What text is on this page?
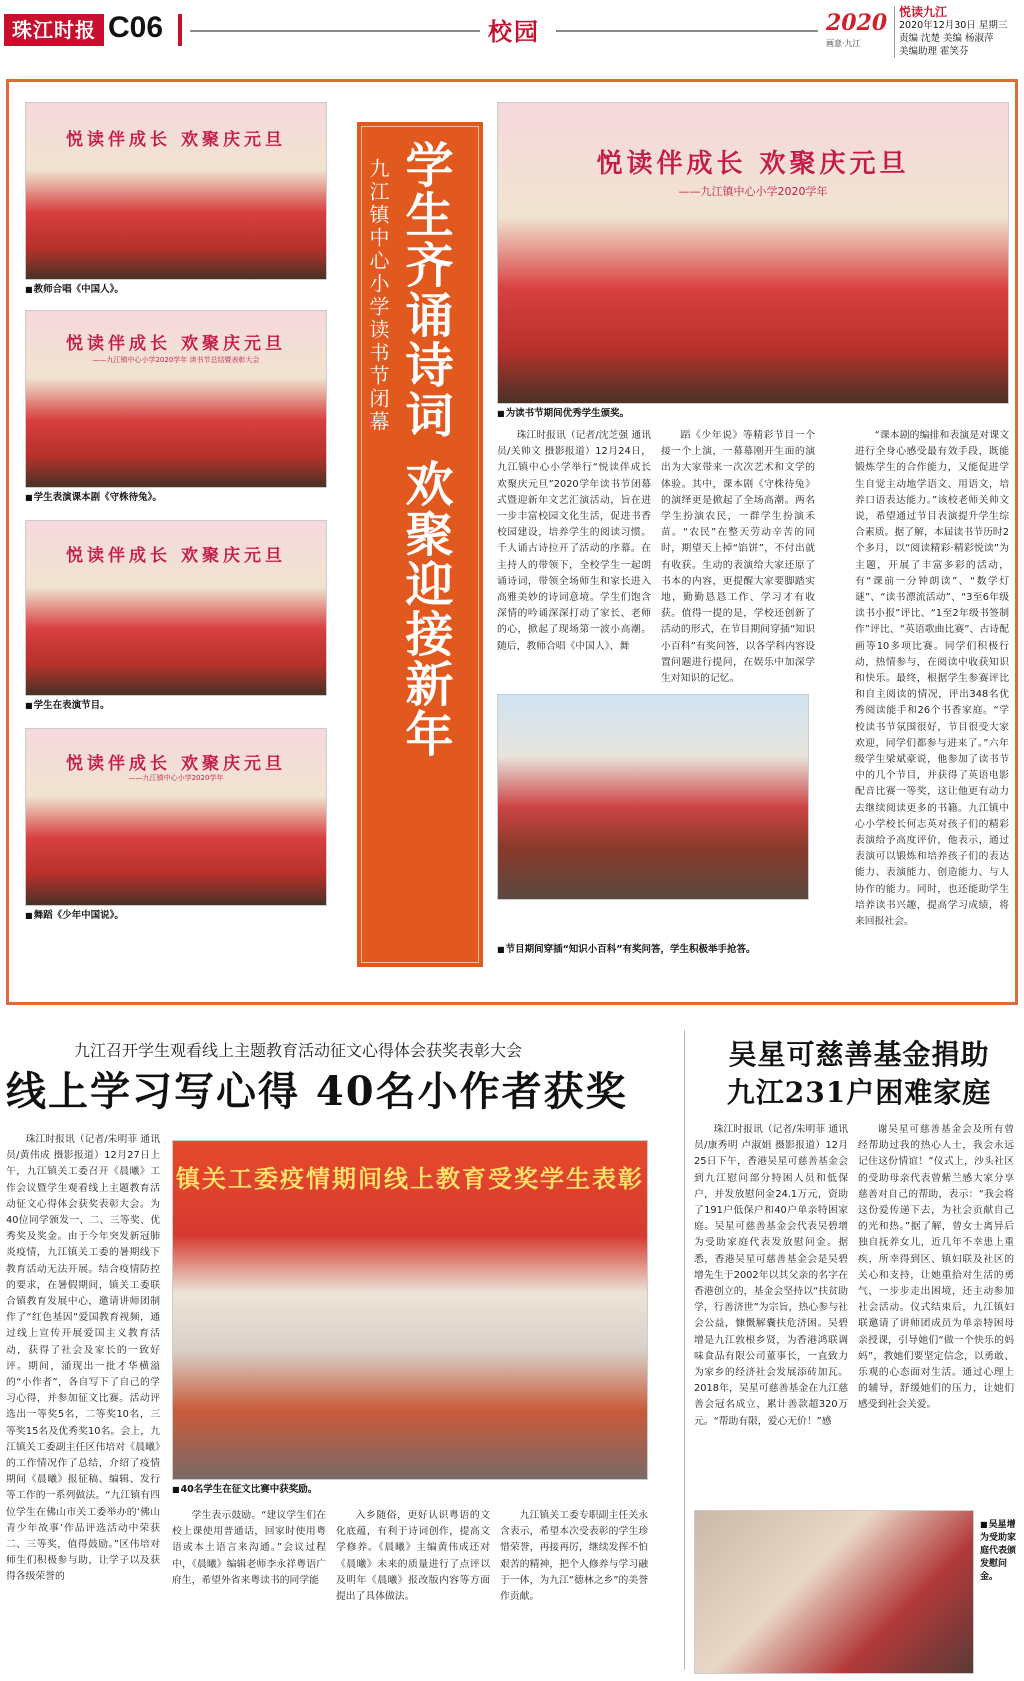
珠江时报 C06	校园	2020
画意·九江
悦读九江
2020年12月30日 星期三
责编 沈楚 美编 杨淑萍
美编助理 霍笑芬
悦读伴成长 欢聚庆元旦
■ 教师合唱《中国人》。
悦读伴成长 欢聚庆元旦
——九江镇中心小学2020学年 读书节总结暨表彰大会
■ 学生表演课本剧《守株待兔》。
悦读伴成长 欢聚庆元旦
■ 学生在表演节目。
悦读伴成长 欢聚庆元旦
——九江镇中心小学2020学年
■ 舞蹈《少年中国说》。
九江镇中心小学读书节闭幕 学生齐诵诗词 欢聚迎接新年	悦读伴成长 欢聚庆元旦
——九江镇中心小学2020学年
■ 为读书节期间优秀学生颁奖。
珠江时报讯（记者/沈芝强 通讯员/关帅文 摄影报道）12月24日，九江镇中心小学举行“悦读伴成长 欢聚庆元旦”2020学年读书节闭幕式暨迎新年文艺汇演活动，旨在进一步丰富校园文化生活，促进书香校园建设，培养学生的阅读习惯。千人诵古诗拉开了活动的序幕。在主持人的带领下，全校学生一起朗诵诗词，带领全场师生和家长进入高雅美妙的诗词意境。学生们饱含深情的吟诵深深打动了家长、老师的心，掀起了现场第一波小高潮。随后，教师合唱《中国人》、舞
蹈《少年说》等精彩节目一个接一个上演，一幕幕刚开生面的演出为大家带来一次次艺术和文学的体验。其中，课本剧《守株待兔》的演绎更是掀起了全场高潮。两名学生扮演农民，一群学生扮演禾苗。“农民”在整天劳动辛苦的同时，期望天上掉“馅饼”，不付出就有收获。生动的表演给大家还原了书本的内容，更提醒大家要脚踏实地，勤勤恳恳工作、学习才有收获。值得一提的是，学校还创新了活动的形式，在节目期间穿插“知识小百科”有奖问答，以各学科内容设置问题进行提问，在娱乐中加深学生对知识的记忆。
“课本剧的编排和表演是对课文进行全身心感受最有效手段，既能锻炼学生的合作能力，又能促进学生自觉主动地学语文、用语文，培养口语表达能力。”该校老师关帅文说，希望通过节目表演提升学生综合素质。据了解，本届读书节历时2个多月，以“阅读精彩·精彩悦读”为主题，开展了丰富多彩的活动，有“课前一分钟朗读”、“数学灯谜”、“读书漂流活动”、“3至6年级读书小报”评比、“1至2年级书签制作”评比、“英语歌曲比赛”、古诗配画等10多项比赛。同学们积极行动，热情参与，在阅读中收获知识和快乐。最终，根据学生参赛评比和自主阅读的情况，评出348名优秀阅读能手和26个书香家庭。“学校读书节氛围很好，节目很受大家欢迎，同学们都参与进来了。”六年级学生梁斌豪说，他参加了读书节中的几个节目，并获得了英语电影配音比赛一等奖，这让他更有动力去继续阅读更多的书籍。九江镇中心小学校长何志英对孩子们的精彩表演给予高度评价，他表示，通过表演可以锻炼和培养孩子们的表达能力、表演能力、创造能力、与人协作的能力。同时，也还能助学生培养读书兴趣，提高学习成绩，将来回报社会。
■ 节目期间穿插“知识小百科”有奖问答，学生积极举手抢答。
九江召开学生观看线上主题教育活动征文心得体会获奖表彰大会
线上学习写心得 40名小作者获奖
珠江时报讯（记者/朱明菲 通讯员/黄伟成 摄影报道）12月27日上午，九江镇关工委召开《晨曦》工作会议暨学生观看线上主题教育活动征文心得体会获奖表彰大会。为40位同学颁发一、二、三等奖、优秀奖及奖金。由于今年突发新冠肺炎疫情，九江镇关工委的暑期线下教育活动无法开展。结合疫情防控的要求，在暑假期间，镇关工委联合镇教育发展中心，邀请讲师团制作了“红色基因”爱国教育视频，通过线上宣传开展爱国主义教育活动，获得了社会及家长的一致好评。期间，涌现出一批才华横溢的“小作者”，各自写下了自己的学习心得，并参加征文比赛。活动评选出一等奖5名，二等奖10名，三等奖15名及优秀奖10名。会上，九江镇关工委副主任区伟培对《晨曦》的工作情况作了总结，介绍了疫情期间《晨曦》报征稿、编辑、发行等工作的一系列做法。“九江镇有四位学生在佛山市关工委举办的‘佛山青少年故事’作品评选活动中荣获二、三等奖，值得鼓励。”区伟培对师生们积极参与助，让学子以及获得各级荣誉的
镇关工委疫情期间线上教育受奖学生表彰
■ 40名学生在征文比赛中获奖励。
学生表示鼓励。“建议学生们在校上课使用普通话，回家时使用粤语或本土语言来沟通。”会议过程中，《晨曦》编辑老师李永祥粤语广府生，希望外省来粤读书的同学能
入乡随俗，更好认识粤语的文化底蕴，有利于诗词创作，提高文学修养。《晨曦》主编黄伟成还对《晨曦》未来的质量进行了点评以及明年《晨曦》报改版内容等方面提出了具体做法。
九江镇关工委专职副主任关永含表示，希望本次受表彰的学生珍惜荣誉，再接再厉，继续发挥不怕艰苦的精神，把个人修养与学习融于一体，为九江“德林之乡”的美誉作贡献。
吴星可慈善基金捐助
九江231户困难家庭
珠江时报讯（记者/朱明菲 通讯员/康秀明 卢淑娟 摄影报道）12月25日下午，香港吴星可慈善基金会到九江慰问部分特困人员和低保户，并发放慰问金24.1万元，资助了191户低保户和40户单亲特困家庭。吴星可慈善基金会代表吴碧增为受助家庭代表发放慰问金。据悉，香港吴星可慈善基金会是吴碧增先生于2002年以其父亲的名字在香港创立的，基金会坚持以“扶贫助学，行善济世”为宗旨，热心参与社会公益，慷慨解囊扶危济困。吴碧增是九江敦根乡贤，为香港鸿联调味食品有限公司董事长，一直致力为家乡的经济社会发展添砖加瓦。2018年，吴星可慈善基金在九江慈善会冠名成立，累计善款超320万元。“帮助有限，爱心无价！”感
谢吴星可慈善基金会及所有曾经帮助过我的热心人士，我会永远记住这份情谊！”仪式上，沙头社区的受助母亲代表曾紫兰感大家分享慈善对自己的帮助，表示：“我会将这份爱传递下去，为社会贡献自己的光和热。”据了解，曾女士离异后独自抚养女儿，近几年不幸患上重疾，所幸得到区、镇妇联及社区的关心和支持，让她重拾对生活的勇气，一步步走出困境，还主动参加社会活动。仪式结束后，九江镇妇联邀请了讲师团成员为单亲特困母亲授课，引导她们“做一个快乐的妈妈”，教她们要坚定信念，以勇敢、乐观的心态面对生活。通过心理上的辅导，舒缓她们的压力，让她们感受到社会关爱。
■ 吴星增为受助家庭代表颁发慰问金。
